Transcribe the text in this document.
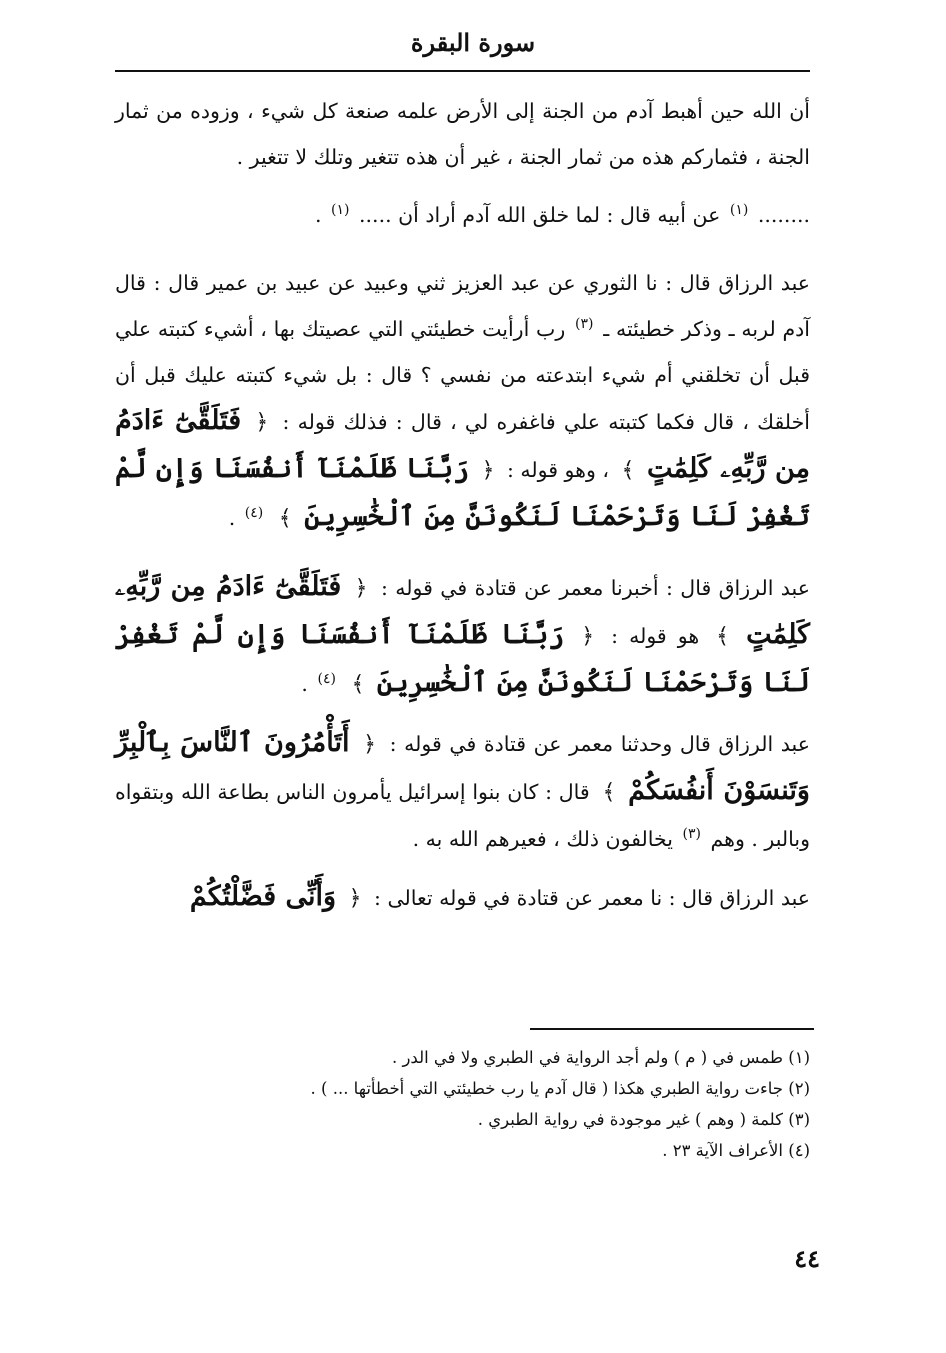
سورة البقرة

أن الله حين أهبط آدم من الجنة إلى الأرض علمه صنعة كل شيء ، وزوده من ثمار الجنة ، فثماركم هذه من ثمار الجنة ، غير أن هذه تتغير وتلك لا تتغير .

........ $^{(١)}$ عن أبيه قال : لما خلق الله آدم أراد أن ..... $^{(١)}$ .

عبد الرزاق قال : نا الثوري عن عبد العزيز ثني وعبيد عن عبيد بن عمير قال : قال آدم لربه ـ وذكر خطيئته ـ $^{(٣)}$ رب أرأيت خطيئتي التي عصيتك بها ، أشيء كتبته علي قبل أن تخلقني أم شيء ابتدعته من نفسي ؟ قال : بل شيء كتبته عليك قبل أن أخلقك ، قال فكما كتبته علي فاغفره لي ، قال : فذلك قوله : ﴿ فَتَلَقَّىٰٓ ءَادَمُ مِن رَّبِّهِۦ كَلِمَٰتٍ ﴾ ، وهو قوله : ﴿ رَبَّنَا ظَلَمْنَآ أَنفُسَنَا وَإِن لَّمْ تَغْفِرْ لَنَا وَتَرْحَمْنَا لَنَكُونَنَّ مِنَ ٱلْخَٰسِرِينَ ﴾ $^{(٤)}$ .

عبد الرزاق قال : أخبرنا معمر عن قتادة في قوله : ﴿ فَتَلَقَّىٰٓ ءَادَمُ مِن رَّبِّهِۦ كَلِمَٰتٍ ﴾ هو قوله : ﴿ رَبَّنَا ظَلَمْنَآ أَنفُسَنَا وَإِن لَّمْ تَغْفِرْ لَنَا وَتَرْحَمْنَا لَنَكُونَنَّ مِنَ ٱلْخَٰسِرِينَ ﴾ $^{(٤)}$ .

عبد الرزاق قال وحدثنا معمر عن قتادة في قوله : ﴿ أَتَأْمُرُونَ ٱلنَّاسَ بِٱلْبِرِّ وَتَنسَوْنَ أَنفُسَكُمْ ﴾ قال : كان بنوا إسرائيل يأمرون الناس بطاعة الله وبتقواه وبالبر . وهم $^{(٣)}$ يخالفون ذلك ، فعيرهم الله به .

عبد الرزاق قال : نا معمر عن قتادة في قوله تعالى : ﴿ وَأَنِّى فَضَّلْتُكُمْ

(١) طمس في ( م ) ولم أجد الرواية في الطبري ولا في الدر .

(٢) جاءت رواية الطبري هكذا ( قال آدم يا رب خطيئتي التي أخطأتها ... ) .

(٣) كلمة ( وهم ) غير موجودة في رواية الطبري .

(٤) الأعراف الآية ٢٣ .

٤٤
